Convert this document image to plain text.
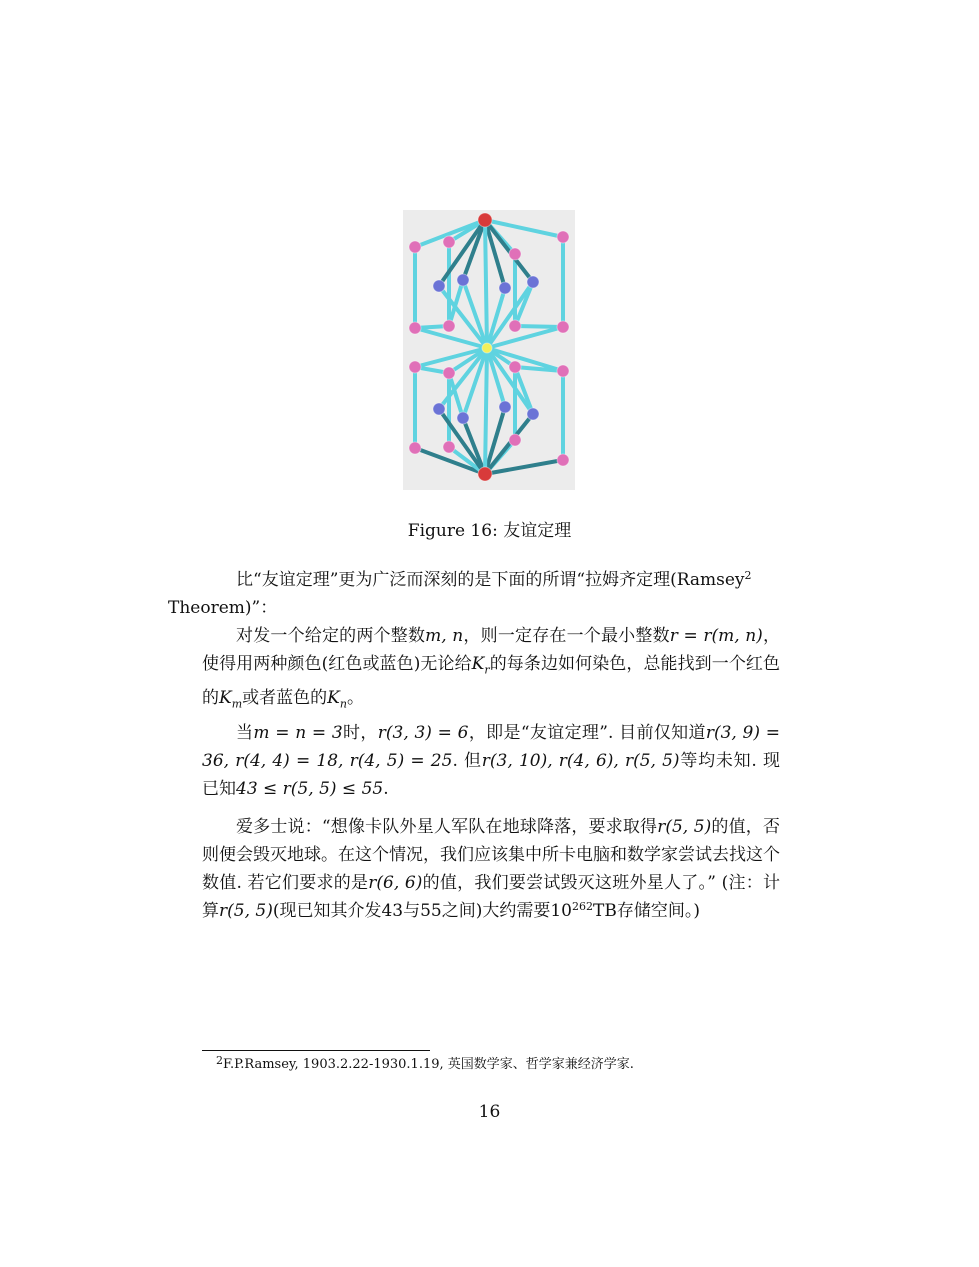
Figure 16: 友谊定理

比“友谊定理”更为广泛而深刻的是下面的所谓“拉姆齐定理(Ramsey$^2$
Theorem)”：

对发一个给定的两个整数m, n，则一定存在一个最小整数r = r(m, n)，使得用两种颜色(红色或蓝色)无论给$K_r$的每条边如何染色，总能找到一个红色的$K_m$或者蓝色的$K_n$。

当m = n = 3时，r(3, 3) = 6，即是“友谊定理”. 目前仅知道r(3, 9) = 36, r(4, 4) = 18, r(4, 5) = 25. 但r(3, 10), r(4, 6), r(5, 5)等均未知. 现已知43 ≤ r(5, 5) ≤ 55.

爱多士说：“想像卡队外星人军队在地球降落，要求取得r(5, 5)的值，否则便会毁灭地球。在这个情况，我们应该集中所卡电脑和数学家尝试去找这个数值. 若它们要求的是r(6, 6)的值，我们要尝试毁灭这班外星人了。” (注：计算r(5, 5)(现已知其介发43与55之间)大约需要$10^{262}TB$存储空间。)

$^2$F.P.Ramsey, 1903.2.22-1930.1.19, 英国数学家、哲学家兼经济学家.
16
